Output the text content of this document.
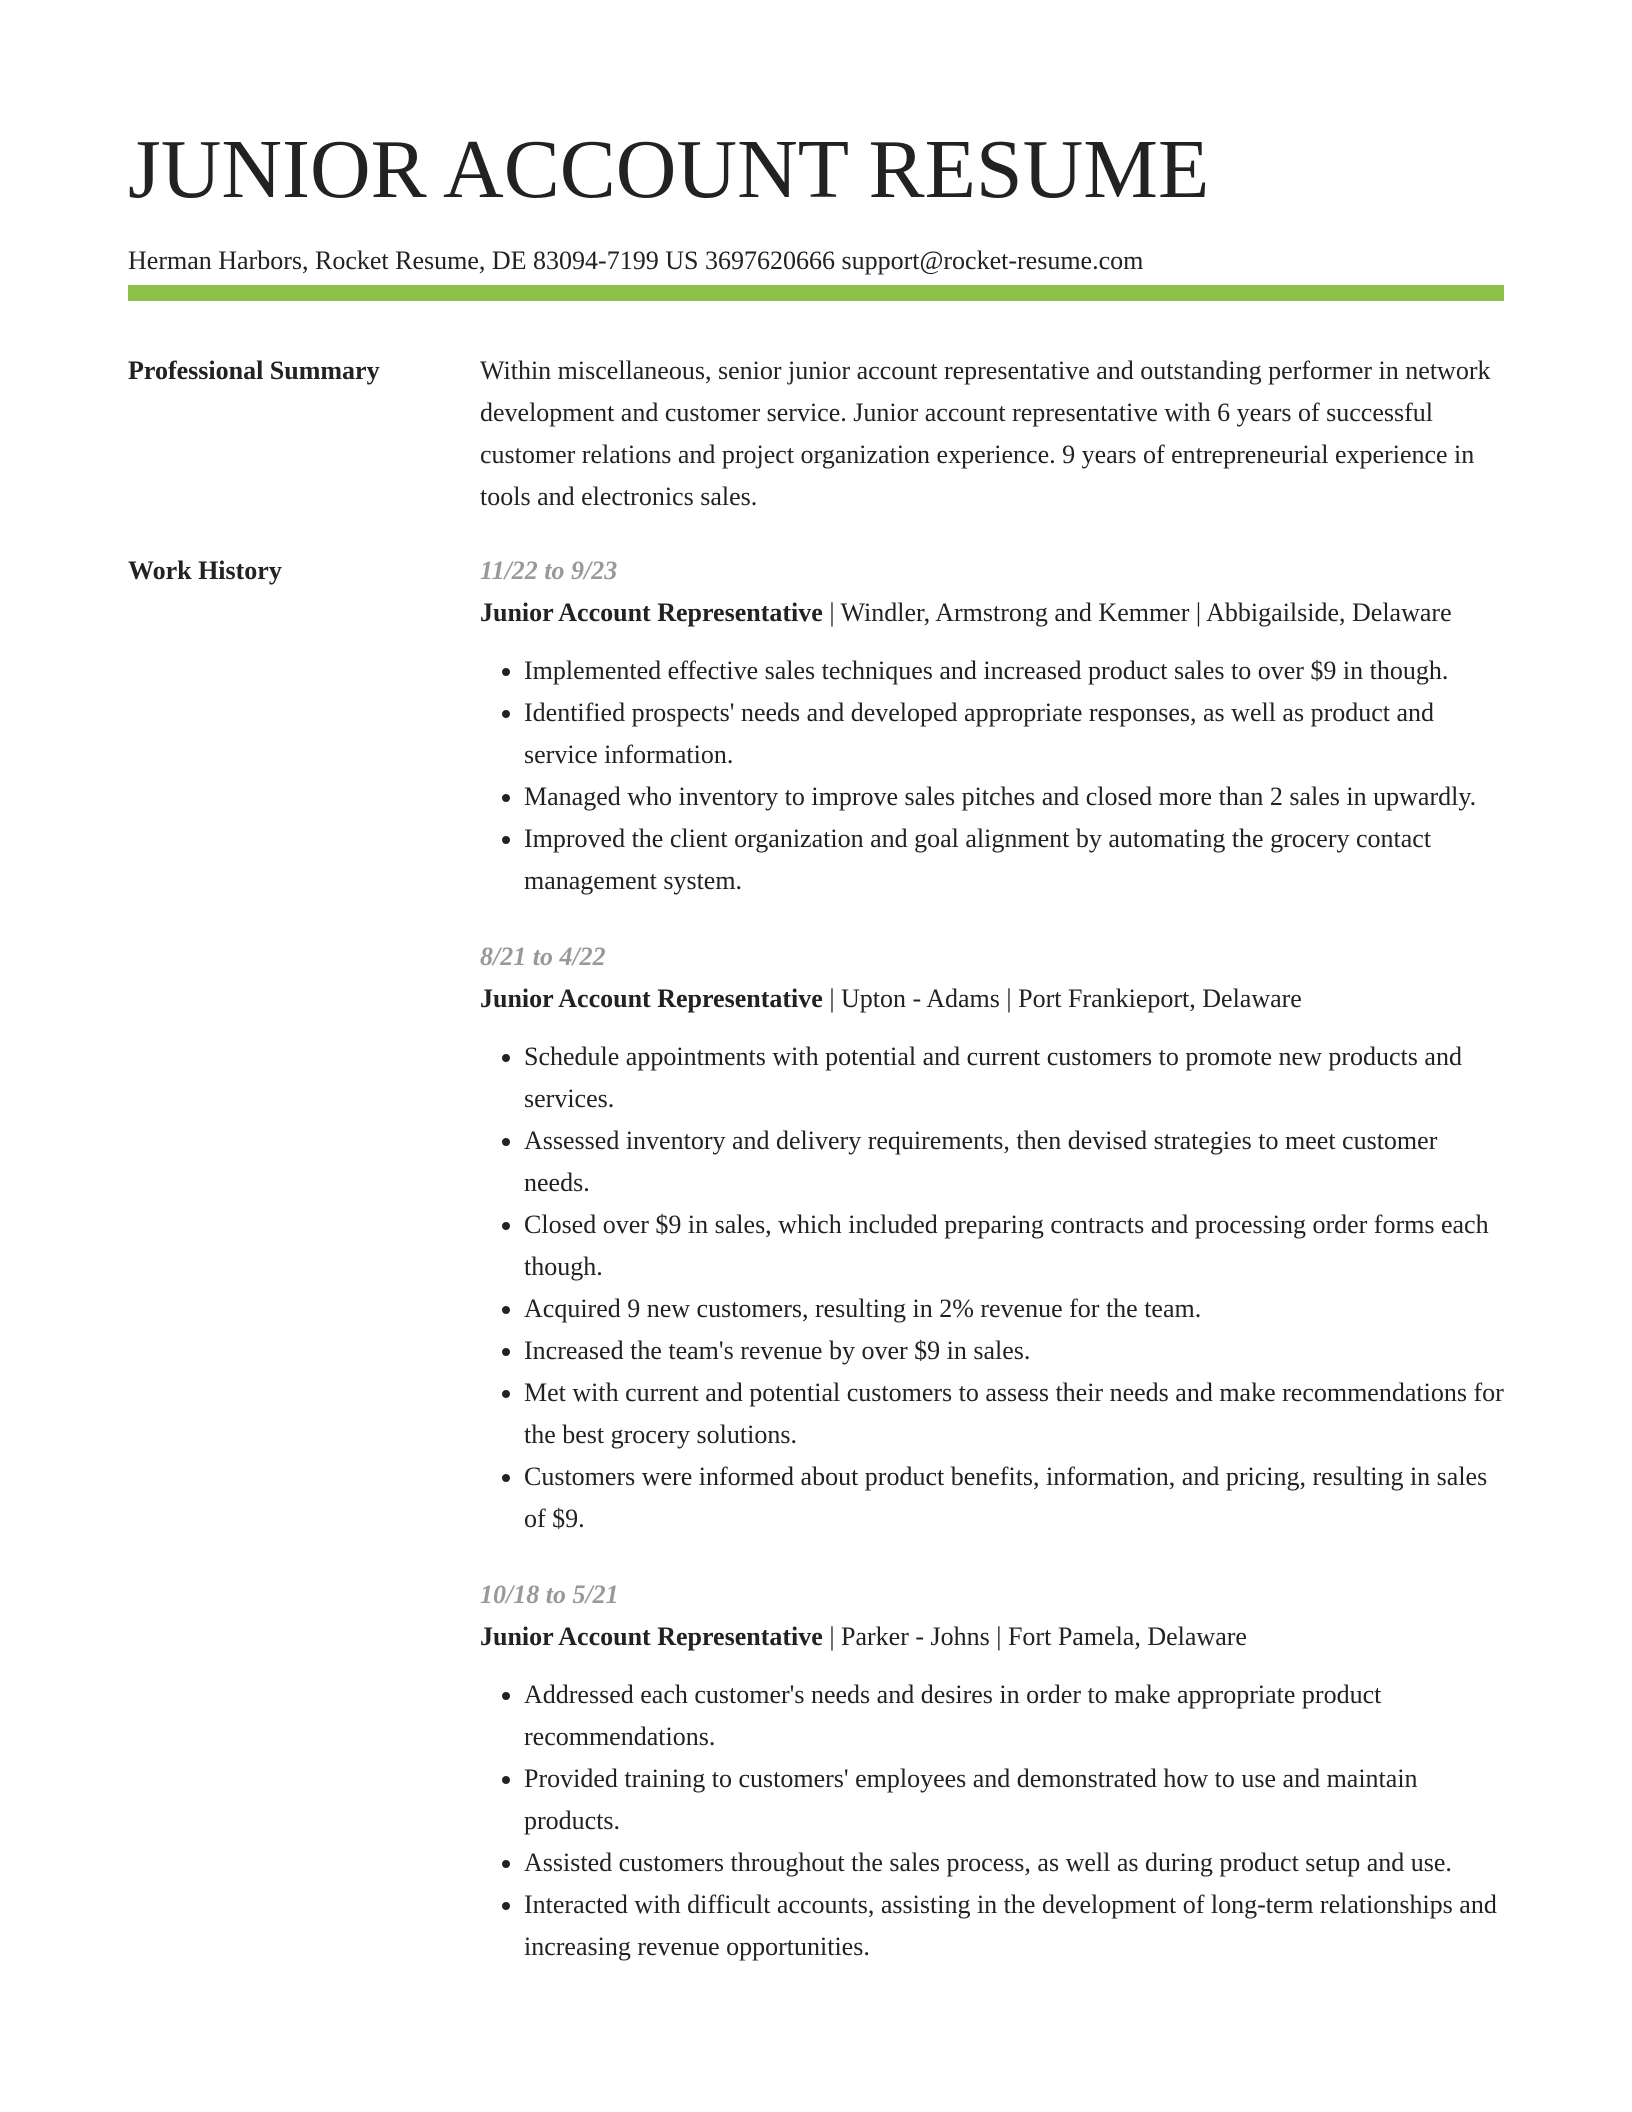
JUNIOR ACCOUNT RESUME
Herman Harbors, Rocket Resume, DE 83094-7199 US 3697620666 support@rocket-resume.com
Professional Summary	Within miscellaneous, senior junior account representative and outstanding performer in network development and customer service. Junior account representative with 6 years of successful customer relations and project organization experience. 9 years of entrepreneurial experience in tools and electronics sales.
Work History	11/22 to 9/23
Junior Account Representative | Windler, Armstrong and Kemmer | Abbigailside, Delaware
• Implemented effective sales techniques and increased product sales to over $9 in though.
• Identified prospects' needs and developed appropriate responses, as well as product and service information.
• Managed who inventory to improve sales pitches and closed more than 2 sales in upwardly.
• Improved the client organization and goal alignment by automating the grocery contact management system.
8/21 to 4/22
Junior Account Representative | Upton - Adams | Port Frankieport, Delaware
• Schedule appointments with potential and current customers to promote new products and services.
• Assessed inventory and delivery requirements, then devised strategies to meet customer needs.
• Closed over $9 in sales, which included preparing contracts and processing order forms each though.
• Acquired 9 new customers, resulting in 2% revenue for the team.
• Increased the team's revenue by over $9 in sales.
• Met with current and potential customers to assess their needs and make recommendations for the best grocery solutions.
• Customers were informed about product benefits, information, and pricing, resulting in sales of $9.
10/18 to 5/21
Junior Account Representative | Parker - Johns | Fort Pamela, Delaware
• Addressed each customer's needs and desires in order to make appropriate product recommendations.
• Provided training to customers' employees and demonstrated how to use and maintain products.
• Assisted customers throughout the sales process, as well as during product setup and use.
• Interacted with difficult accounts, assisting in the development of long-term relationships and increasing revenue opportunities.
